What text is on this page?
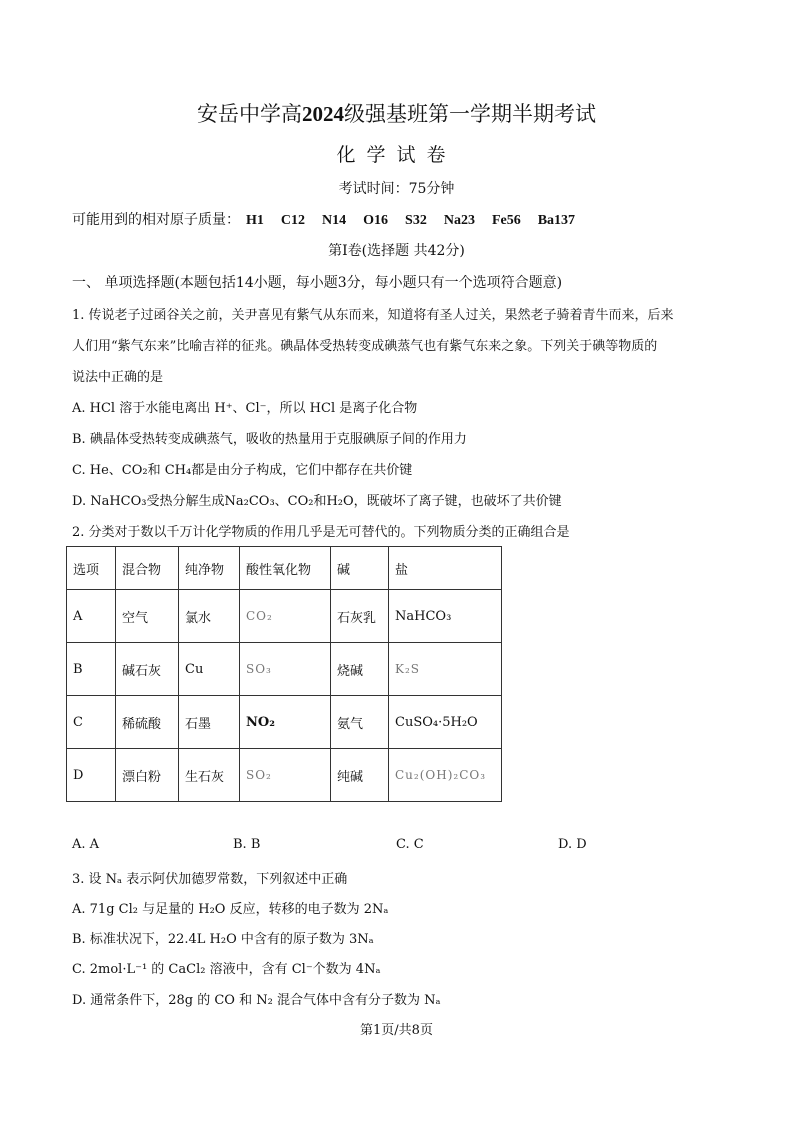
安岳中学高2024级强基班第一学期半期考试
化学试卷
考试时间：75分钟
可能用到的相对原子质量： H1 C12 N14 O16 S32 Na23 Fe56 Ba137
第Ⅰ卷(选择题 共42分)
一、 单项选择题(本题包括14小题，每小题3分，每小题只有一个选项符合题意)
1. 传说老子过函谷关之前，关尹喜见有紫气从东而来，知道将有圣人过关，果然老子骑着青牛而来，后来
人们用“紫气东来”比喻吉祥的征兆。碘晶体受热转变成碘蒸气也有紫气东来之象。下列关于碘等物质的
说法中正确的是
A. HCl 溶于水能电离出 H⁺、Cl⁻，所以 HCl 是离子化合物
B. 碘晶体受热转变成碘蒸气，吸收的热量用于克服碘原子间的作用力
C. He、CO₂和 CH₄都是由分子构成，它们中都存在共价键
D. NaHCO₃受热分解生成Na₂CO₃、CO₂和H₂O，既破坏了离子键，也破坏了共价键
2. 分类对于数以千万计化学物质的作用几乎是无可替代的。下列物质分类的正确组合是
选项	混合物	纯净物	酸性氧化物	碱	盐
A	空气	氯水	CO₂	石灰乳	NaHCO₃
B	碱石灰	Cu	SO₃	烧碱	K₂S
C	稀硫酸	石墨	NO₂	氨气	CuSO₄·5H₂O
D	漂白粉	生石灰	SO₂	纯碱	Cu₂(OH)₂CO₃
A. A	B. B	C. C	D. D
3. 设 Nₐ 表示阿伏加德罗常数，下列叙述中正确
A. 71g Cl₂ 与足量的 H₂O 反应，转移的电子数为 2Nₐ
B. 标准状况下，22.4L H₂O 中含有的原子数为 3Nₐ
C. 2mol·L⁻¹ 的 CaCl₂ 溶液中，含有 Cl⁻个数为 4Nₐ
D. 通常条件下，28g 的 CO 和 N₂ 混合气体中含有分子数为 Nₐ
第1页/共8页
